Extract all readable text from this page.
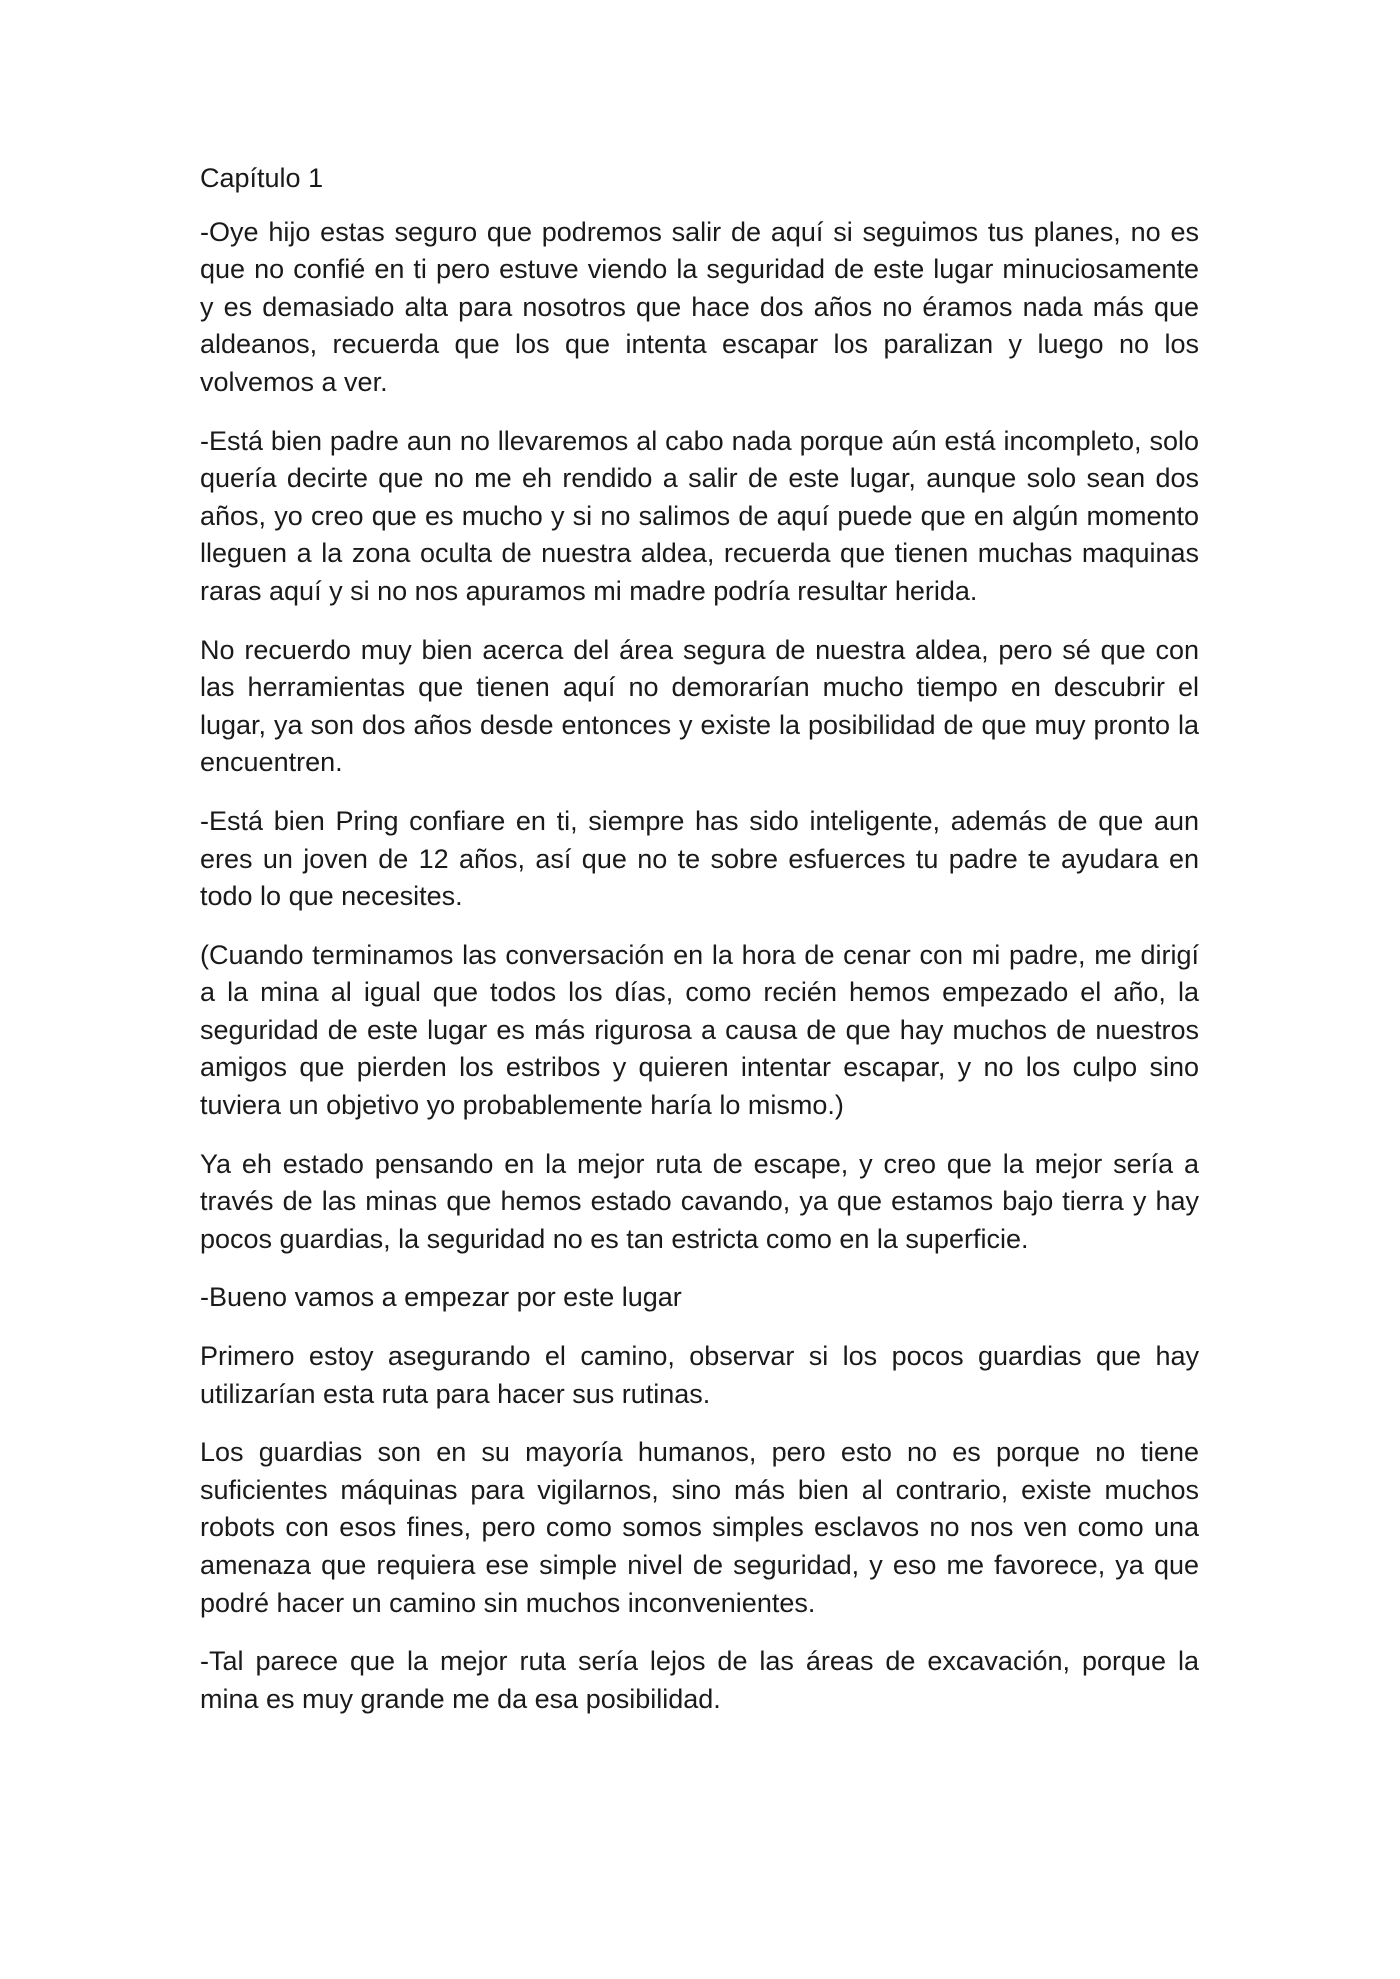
Capítulo 1

-Oye hijo estas seguro que podremos salir de aquí si seguimos tus planes, no es que no confié en ti pero estuve viendo la seguridad de este lugar minuciosamente y es demasiado alta para nosotros que hace dos años no éramos nada más que aldeanos, recuerda que los que intenta escapar los paralizan y luego no los volvemos a ver.

-Está bien padre aun no llevaremos al cabo nada porque aún está incompleto, solo quería decirte que no me eh rendido a salir de este lugar, aunque solo sean dos años, yo creo que es mucho y si no salimos de aquí puede que en algún momento lleguen a la zona oculta de nuestra aldea, recuerda que tienen muchas maquinas raras aquí y si no nos apuramos mi madre podría resultar herida.

No recuerdo muy bien acerca del área segura de nuestra aldea, pero sé que con las herramientas que tienen aquí no demorarían mucho tiempo en descubrir el lugar, ya son dos años desde entonces y existe la posibilidad de que muy pronto la encuentren.

-Está bien Pring confiare en ti, siempre has sido inteligente, además de que aun eres un joven de 12 años, así que no te sobre esfuerces tu padre te ayudara en todo lo que necesites.

(Cuando terminamos las conversación en la hora de cenar con mi padre, me dirigí a la mina al igual que todos los días, como recién hemos empezado el año, la seguridad de este lugar es más rigurosa a causa de que hay muchos de nuestros amigos que pierden los estribos y quieren intentar escapar, y no los culpo sino tuviera un objetivo yo probablemente haría lo mismo.)

Ya eh estado pensando en la mejor ruta de escape, y creo que la mejor sería a través de las minas que hemos estado cavando, ya que estamos bajo tierra y hay pocos guardias, la seguridad no es tan estricta como en la superficie.

-Bueno vamos a empezar por este lugar

Primero estoy asegurando el camino, observar si los pocos guardias que hay utilizarían esta ruta para hacer sus rutinas.

Los guardias son en su mayoría humanos, pero esto no es porque no tiene suficientes máquinas para vigilarnos, sino más bien al contrario, existe muchos robots con esos fines, pero como somos simples esclavos no nos ven como una amenaza que requiera ese simple nivel de seguridad, y eso me favorece, ya que podré hacer un camino sin muchos inconvenientes.

-Tal parece que la mejor ruta sería lejos de las áreas de excavación, porque la mina es muy grande me da esa posibilidad.
